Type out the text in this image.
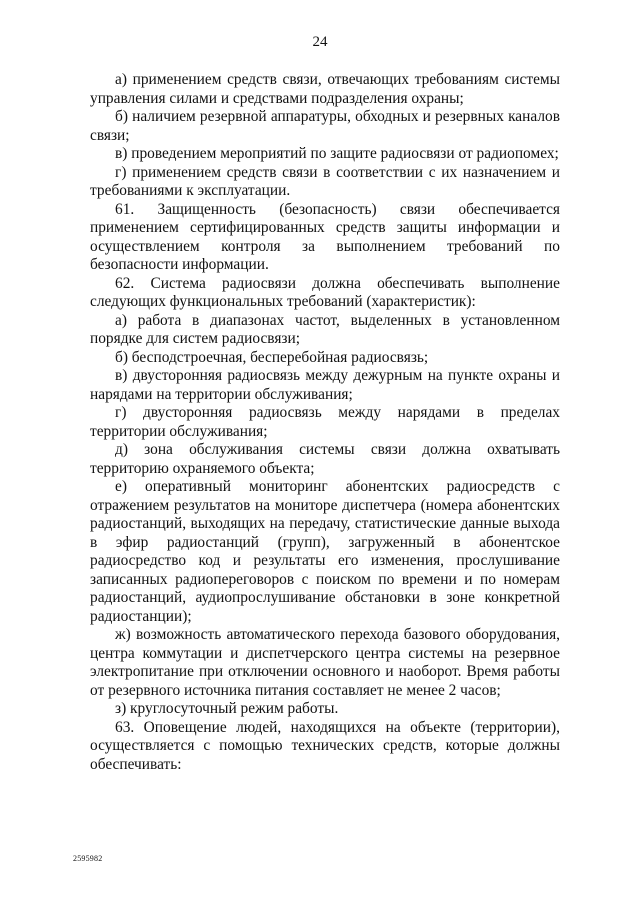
24

а) применением средств связи, отвечающих требованиям системы управления силами и средствами подразделения охраны;

б) наличием резервной аппаратуры, обходных и резервных каналов связи;

в) проведением мероприятий по защите радиосвязи от радиопомех;

г) применением средств связи в соответствии с их назначением и требованиями к эксплуатации.

61. Защищенность (безопасность) связи обеспечивается применением сертифицированных средств защиты информации и осуществлением контроля за выполнением требований по безопасности информации.

62. Система радиосвязи должна обеспечивать выполнение следующих функциональных требований (характеристик):

а) работа в диапазонах частот, выделенных в установленном порядке для систем радиосвязи;

б) бесподстроечная, бесперебойная радиосвязь;

в) двусторонняя радиосвязь между дежурным на пункте охраны и нарядами на территории обслуживания;

г) двусторонняя радиосвязь между нарядами в пределах территории обслуживания;

д) зона обслуживания системы связи должна охватывать территорию охраняемого объекта;

е) оперативный мониторинг абонентских радиосредств с отражением результатов на мониторе диспетчера (номера абонентских радиостанций, выходящих на передачу, статистические данные выхода в эфир радиостанций (групп), загруженный в абонентское радиосредство код и результаты его изменения, прослушивание записанных радиопереговоров с поиском по времени и по номерам радиостанций, аудиопрослушивание обстановки в зоне конкретной радиостанции);

ж) возможность автоматического перехода базового оборудования, центра коммутации и диспетчерского центра системы на резервное электропитание при отключении основного и наоборот. Время работы от резервного источника питания составляет не менее 2 часов;

з) круглосуточный режим работы.

63. Оповещение людей, находящихся на объекте (территории), осуществляется с помощью технических средств, которые должны обеспечивать:

2595982
